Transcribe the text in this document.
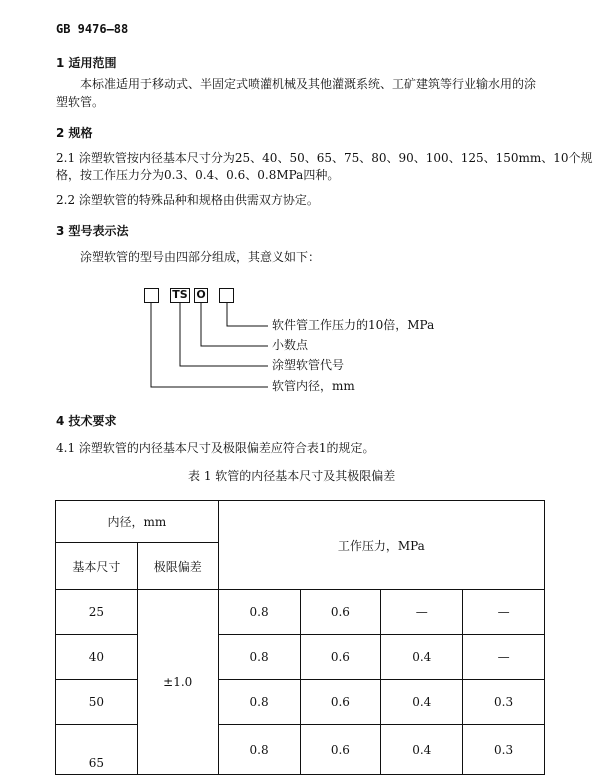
GB 9476—88
1 适用范围
本标准适用于移动式、半固定式喷灌机械及其他灌溉系统、工矿建筑等行业输水用的涂
塑软管。
2 规格
2.1 涂塑软管按内径基本尺寸分为25、40、50、65、75、80、90、100、125、150mm、10个规
格，按工作压力分为0.3、0.4、0.6、0.8MPa四种。
2.2 涂塑软管的特殊品种和规格由供需双方协定。
3 型号表示法
涂塑软管的型号由四部分组成，其意义如下：
TS O
软件管工作压力的10倍，MPa
小数点
涂塑软管代号
软管内径，mm
4 技术要求
4.1 涂塑软管的内径基本尺寸及极限偏差应符合表1的规定。
表 1 软管的内径基本尺寸及其极限偏差
内径，mm		工作压力，MPa			
基本尺寸	极限偏差				
25	±1.0	0.8	0.6	—	—
40		0.8	0.6	0.4	—
50		0.8	0.6	0.4	0.3
65		0.8	0.6	0.4	0.3
